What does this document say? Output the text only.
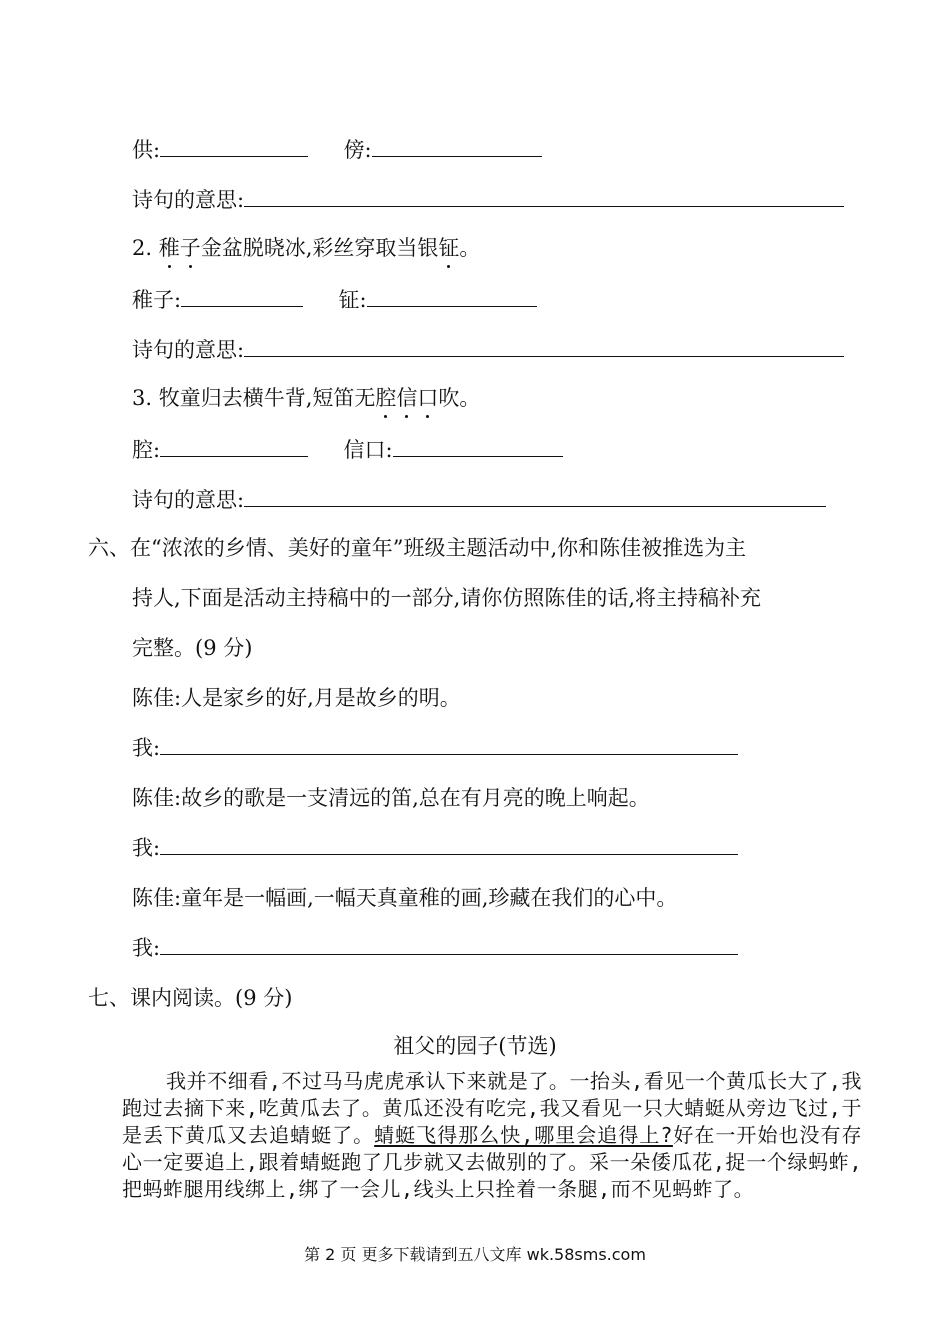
供:	傍:
诗句的意思:
2. 稚子金盆脱晓冰,彩丝穿取当银钲。
稚子:	钲:
诗句的意思:
3. 牧童归去横牛背,短笛无腔信口吹。
腔:	信口:
诗句的意思:
六、在“浓浓的乡情、美好的童年”班级主题活动中,你和陈佳被推选为主
持人,下面是活动主持稿中的一部分,请你仿照陈佳的话,将主持稿补充
完整。(9 分)
陈佳:人是家乡的好,月是故乡的明。
我:
陈佳:故乡的歌是一支清远的笛,总在有月亮的晚上响起。
我:
陈佳:童年是一幅画,一幅天真童稚的画,珍藏在我们的心中。
我:
七、课内阅读。(9 分)
祖父的园子(节选)
我并不细看,不过马马虎虎承认下来就是了。一抬头,看见一个黄瓜长大了,我跑过去摘下来,吃黄瓜去了。黄瓜还没有吃完,我又看见一只大蜻蜓从旁边飞过,于是丢下黄瓜又去追蜻蜓了。蜻蜓飞得那么快,哪里会追得上?好在一开始也没有存心一定要追上,跟着蜻蜓跑了几步就又去做别的了。采一朵倭瓜花,捉一个绿蚂蚱,把蚂蚱腿用线绑上,绑了一会儿,线头上只拴着一条腿,而不见蚂蚱了。
第 2 页 更多下载请到五八文库 wk.58sms.com
